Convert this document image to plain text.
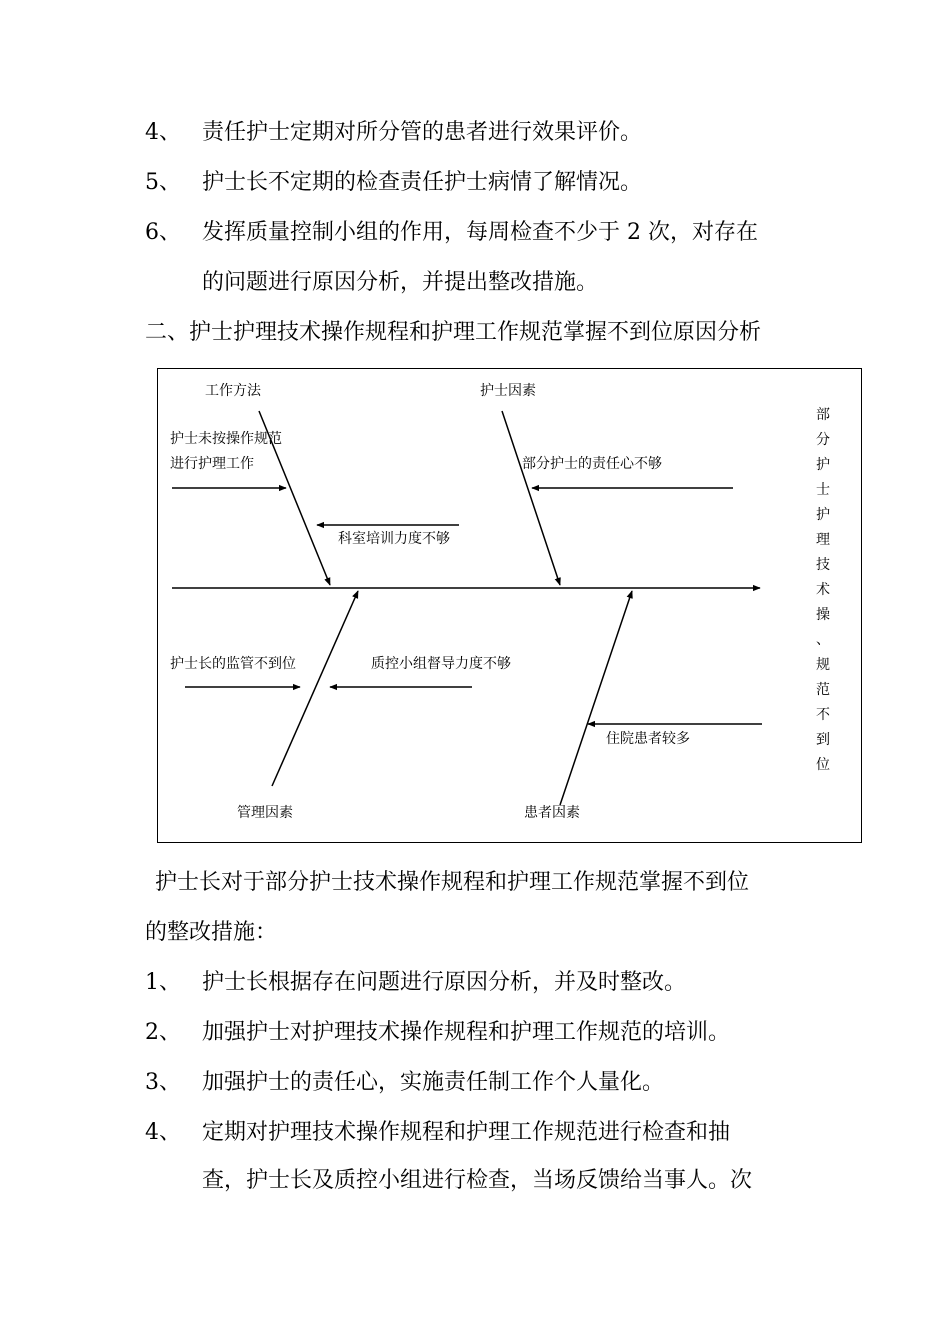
4、 责任护士定期对所分管的患者进行效果评价。
5、 护士长不定期的检查责任护士病情了解情况。
6、 发挥质量控制小组的作用，每周检查不少于 2 次，对存在
的问题进行原因分析，并提出整改措施。
二、护士护理技术操作规程和护理工作规范掌握不到位原因分析
工作方法	护士因素
管理因素	患者因素
护士未按操作规范
进行护理工作
科室培训力度不够
部分护士的责任心不够
护士长的监管不到位	质控小组督导力度不够
住院患者较多
部
分
护
士
护
理
技
术
操
、
规
范
不
到
位
护士长对于部分护士技术操作规程和护理工作规范掌握不到位
的整改措施：
1、 护士长根据存在问题进行原因分析，并及时整改。
2、 加强护士对护理技术操作规程和护理工作规范的培训。
3、 加强护士的责任心，实施责任制工作个人量化。
4、 定期对护理技术操作规程和护理工作规范进行检查和抽
查，护士长及质控小组进行检查，当场反馈给当事人。次
